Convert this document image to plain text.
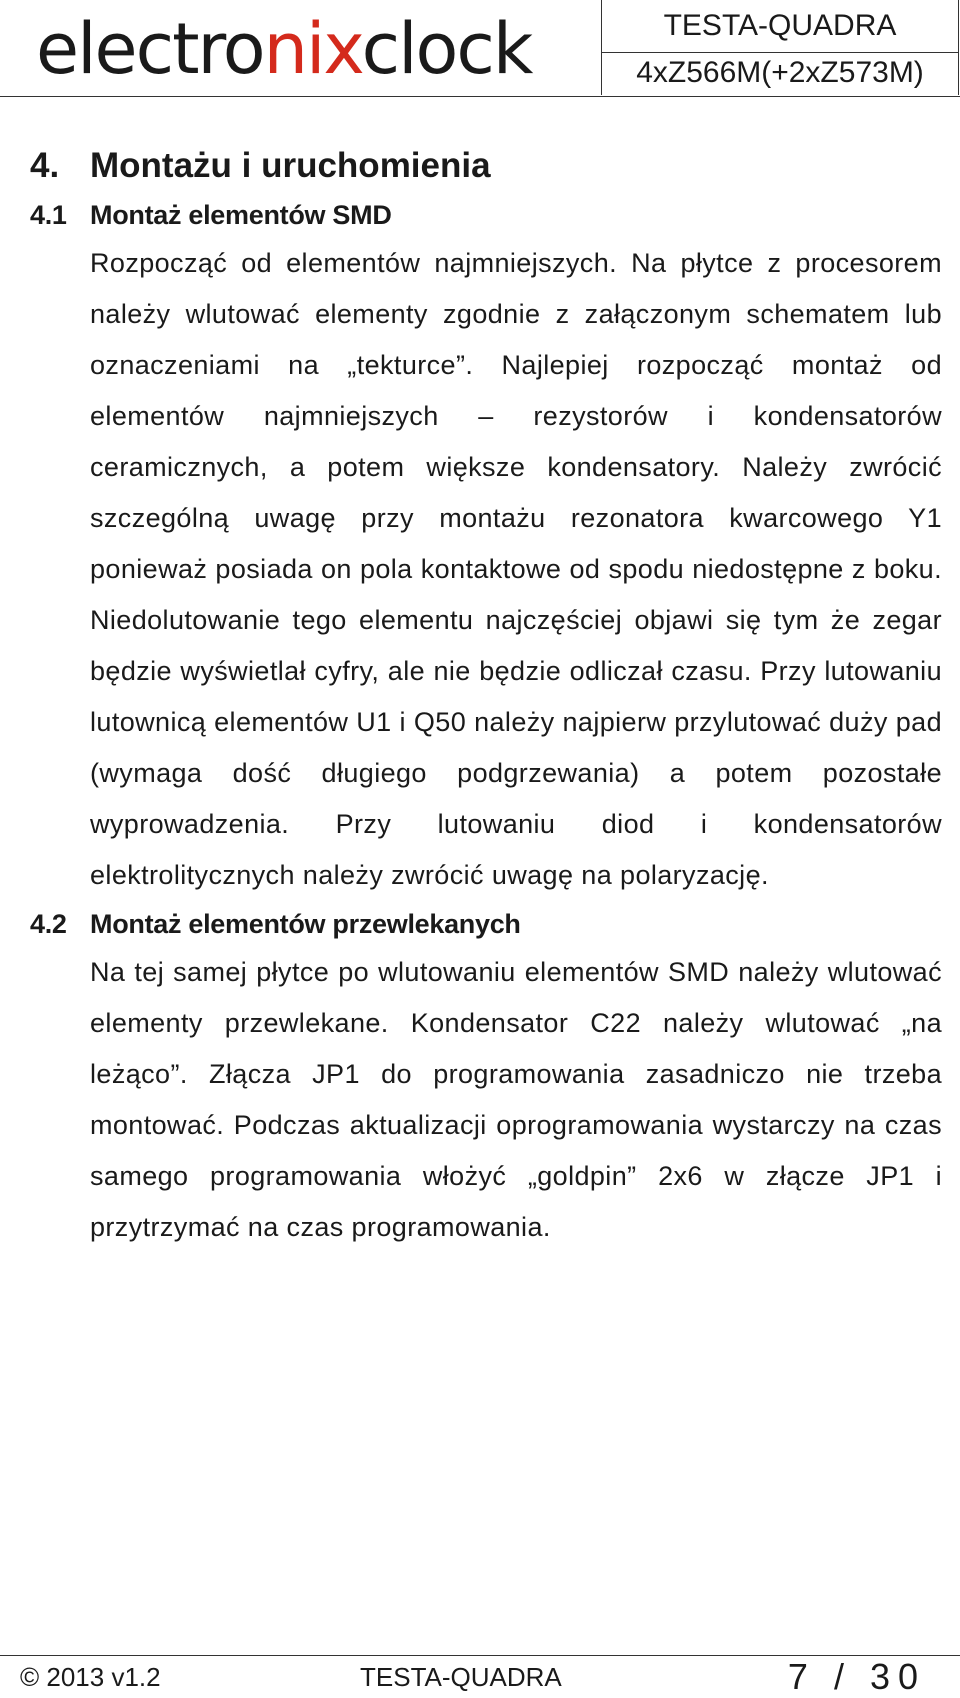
electronixclock	TESTA-QUADRA
4xZ566M(+2xZ573M)
4. Montażu i uruchomienia
4.1 Montaż elementów SMD

Rozpocząć od elementów najmniejszych. Na płytce z procesorem należy wlutować elementy zgodnie z załączonym schematem lub oznaczeniami na „tekturce”. Najlepiej rozpocząć montaż od elementów najmniejszych – rezystorów i kondensatorów ceramicznych, a potem większe kondensatory. Należy zwrócić szczególną uwagę przy montażu rezonatora kwarcowego Y1 ponieważ posiada on pola kontaktowe od spodu niedostępne z boku. Niedolutowanie tego elementu najczęściej objawi się tym że zegar będzie wyświetlał cyfry, ale nie będzie odliczał czasu. Przy lutowaniu lutownicą elementów U1 i Q50 należy najpierw przylutować duży pad (wymaga dość długiego podgrzewania) a potem pozostałe wyprowadzenia. Przy lutowaniu diod i kondensatorów elektrolitycznych należy zwrócić uwagę na polaryzację.

4.2 Montaż elementów przewlekanych

Na tej samej płytce po wlutowaniu elementów SMD należy wlutować elementy przewlekane. Kondensator C22 należy wlutować „na leżąco”. Złącza JP1 do programowania zasadniczo nie trzeba montować. Podczas aktualizacji oprogramowania wystarczy na czas samego programowania włożyć „goldpin” 2x6 w złącze JP1 i przytrzymać na czas programowania.

© 2013 v1.2	TESTA-QUADRA	7 / 30
